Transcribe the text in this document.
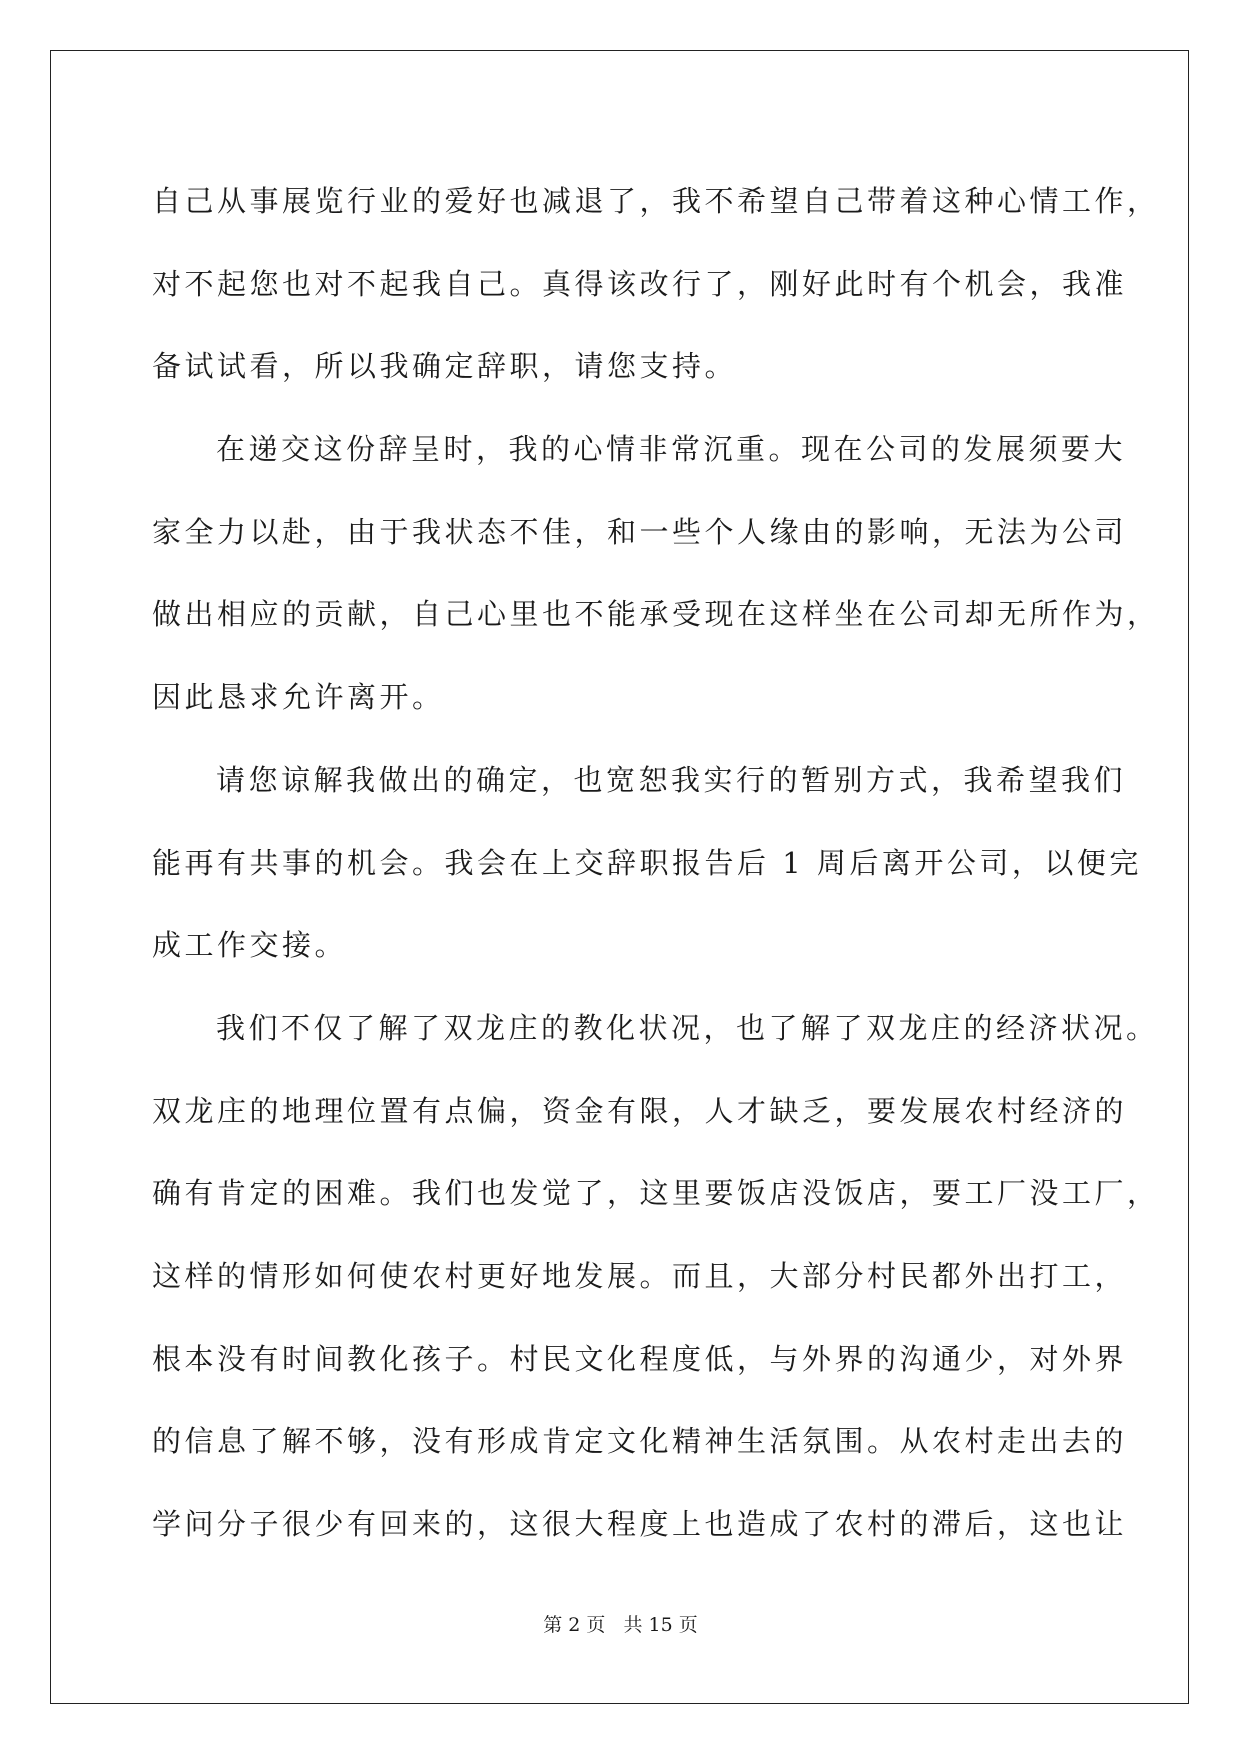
自己从事展览行业的爱好也减退了，我不希望自己带着这种心情工作，

对不起您也对不起我自己。真得该改行了，刚好此时有个机会，我准

备试试看，所以我确定辞职，请您支持。

在递交这份辞呈时，我的心情非常沉重。现在公司的发展须要大

家全力以赴，由于我状态不佳，和一些个人缘由的影响，无法为公司

做出相应的贡献，自己心里也不能承受现在这样坐在公司却无所作为，

因此恳求允许离开。

请您谅解我做出的确定，也宽恕我实行的暂别方式，我希望我们

能再有共事的机会。我会在上交辞职报告后 1 周后离开公司，以便完

成工作交接。

我们不仅了解了双龙庄的教化状况，也了解了双龙庄的经济状况。

双龙庄的地理位置有点偏，资金有限，人才缺乏，要发展农村经济的

确有肯定的困难。我们也发觉了，这里要饭店没饭店，要工厂没工厂，

这样的情形如何使农村更好地发展。而且，大部分村民都外出打工，

根本没有时间教化孩子。村民文化程度低，与外界的沟通少，对外界

的信息了解不够，没有形成肯定文化精神生活氛围。从农村走出去的

学问分子很少有回来的，这很大程度上也造成了农村的滞后，这也让

第 2 页   共 15 页
